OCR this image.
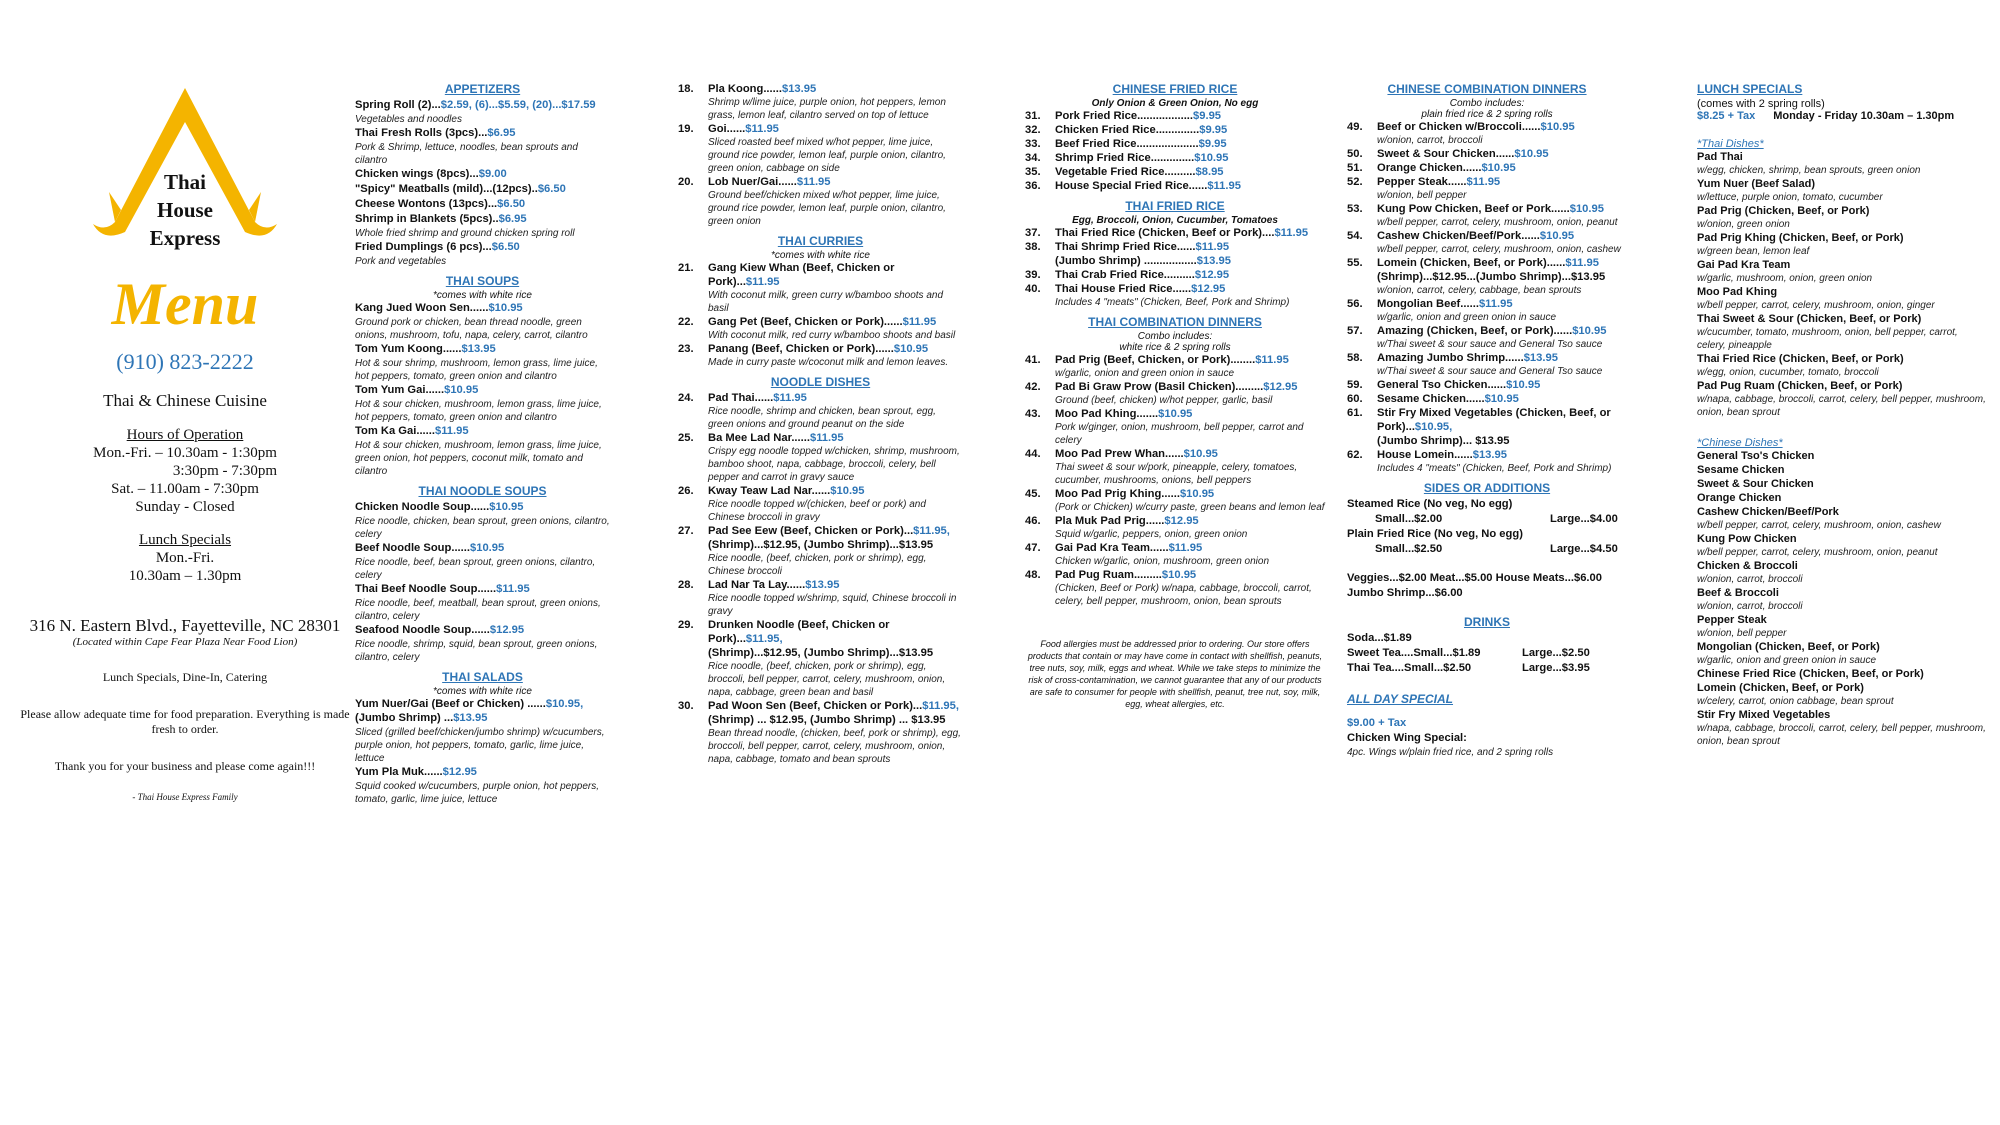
Thai
House
Express
Menu
(910) 823-2222
Thai & Chinese Cuisine
Hours of Operation
Mon.-Fri. – 10.30am - 1:30pm
3:30pm - 7:30pm
Sat. – 11.00am - 7:30pm
Sunday - Closed
Lunch Specials
Mon.-Fri.
10.30am – 1.30pm
316 N. Eastern Blvd., Fayetteville, NC 28301
(Located within Cape Fear Plaza Near Food Lion)
Lunch Specials, Dine-In, Catering
Please allow adequate time for food preparation. Everything is made fresh to order.
Thank you for your business and please come again!!!
- Thai House Express Family
APPETIZERS
Spring Roll (2)...$2.59, (6)...$5.59, (20)...$17.59
Vegetables and noodles
Thai Fresh Rolls (3pcs)...$6.95
Pork & Shrimp, lettuce, noodles, bean sprouts and cilantro
Chicken wings (8pcs)...$9.00
"Spicy" Meatballs (mild)...(12pcs)..$6.50
Cheese Wontons (13pcs)...$6.50
Shrimp in Blankets (5pcs)..$6.95
Whole fried shrimp and ground chicken spring roll
Fried Dumplings (6 pcs)...$6.50
Pork and vegetables
THAI SOUPS
*comes with white rice
Kang Jued Woon Sen......$10.95
Ground pork or chicken, bean thread noodle, green onions, mushroom, tofu, napa, celery, carrot, cilantro
Tom Yum Koong......$13.95
Hot & sour shrimp, mushroom, lemon grass, lime juice, hot peppers, tomato, green onion and cilantro
Tom Yum Gai......$10.95
Hot & sour chicken, mushroom, lemon grass, lime juice, hot peppers, tomato, green onion and cilantro
Tom Ka Gai......$11.95
Hot & sour chicken, mushroom, lemon grass, lime juice, green onion, hot peppers, coconut milk, tomato and cilantro
THAI NOODLE SOUPS
Chicken Noodle Soup......$10.95
Rice noodle, chicken, bean sprout, green onions, cilantro, celery
Beef Noodle Soup......$10.95
Rice noodle, beef, bean sprout, green onions, cilantro, celery
Thai Beef Noodle Soup......$11.95
Rice noodle, beef, meatball, bean sprout, green onions, cilantro, celery
Seafood Noodle Soup......$12.95
Rice noodle, shrimp, squid, bean sprout, green onions, cilantro, celery
THAI SALADS
*comes with white rice
Yum Nuer/Gai (Beef or Chicken) ......$10.95,
(Jumbo Shrimp) ...$13.95
Sliced (grilled beef/chicken/jumbo shrimp) w/cucumbers, purple onion, hot peppers, tomato, garlic, lime juice, lettuce
Yum Pla Muk......$12.95
Squid cooked w/cucumbers, purple onion, hot peppers, tomato, garlic, lime juice, lettuce
18.	Pla Koong......$13.95
Shrimp w/lime juice, purple onion, hot peppers, lemon grass, lemon leaf, cilantro served on top of lettuce
19.	Goi......$11.95
Sliced roasted beef mixed w/hot pepper, lime juice, ground rice powder, lemon leaf, purple onion, cilantro, green onion, cabbage on side
20.	Lob Nuer/Gai......$11.95
Ground beef/chicken mixed w/hot pepper, lime juice, ground rice powder, lemon leaf, purple onion, cilantro, green onion
THAI CURRIES
*comes with white rice
21.	Gang Kiew Whan (Beef, Chicken or Pork)...$11.95
With coconut milk, green curry w/bamboo shoots and basil
22.	Gang Pet (Beef, Chicken or Pork)......$11.95
With coconut milk, red curry w/bamboo shoots and basil
23.	Panang (Beef, Chicken or Pork)......$10.95
Made in curry paste w/coconut milk and lemon leaves.
NOODLE DISHES
24.	Pad Thai......$11.95
Rice noodle, shrimp and chicken, bean sprout, egg, green onions and ground peanut on the side
25.	Ba Mee Lad Nar......$11.95
Crispy egg noodle topped w/chicken, shrimp, mushroom, bamboo shoot, napa, cabbage, broccoli, celery, bell pepper and carrot in gravy sauce
26.	Kway Teaw Lad Nar......$10.95
Rice noodle topped w/(chicken, beef or pork) and Chinese broccoli in gravy
27.	Pad See Eew (Beef, Chicken or Pork)...$11.95,
(Shrimp)...$12.95, (Jumbo Shrimp)...$13.95
Rice noodle, (beef, chicken, pork or shrimp), egg, Chinese broccoli
28.	Lad Nar Ta Lay......$13.95
Rice noodle topped w/shrimp, squid, Chinese broccoli in gravy
29.	Drunken Noodle (Beef, Chicken or Pork)...$11.95,
(Shrimp)...$12.95, (Jumbo Shrimp)...$13.95
Rice noodle, (beef, chicken, pork or shrimp), egg, broccoli, bell pepper, carrot, celery, mushroom, onion, napa, cabbage, green bean and basil
30.	Pad Woon Sen (Beef, Chicken or Pork)...$11.95,
(Shrimp) ... $12.95, (Jumbo Shrimp) ... $13.95
Bean thread noodle, (chicken, beef, pork or shrimp), egg, broccoli, bell pepper, carrot, celery, mushroom, onion, napa, cabbage, tomato and bean sprouts
CHINESE FRIED RICE
Only Onion & Green Onion, No egg
31.	Pork Fried Rice..................$9.95
32.	Chicken Fried Rice..............$9.95
33.	Beef Fried Rice....................$9.95
34.	Shrimp Fried Rice..............$10.95
35.	Vegetable Fried Rice..........$8.95
36.	House Special Fried Rice......$11.95
THAI FRIED RICE
Egg, Broccoli, Onion, Cucumber, Tomatoes
37.	Thai Fried Rice (Chicken, Beef or Pork)....$11.95
38.	Thai Shrimp Fried Rice......$11.95
(Jumbo Shrimp) .................$13.95
39.	Thai Crab Fried Rice..........$12.95
40.	Thai House Fried Rice......$12.95
Includes 4 "meats" (Chicken, Beef, Pork and Shrimp)
THAI COMBINATION DINNERS
Combo includes:
white rice & 2 spring rolls
41.	Pad Prig (Beef, Chicken, or Pork)........$11.95
w/garlic, onion and green onion in sauce
42.	Pad Bi Graw Prow (Basil Chicken).........$12.95
Ground (beef, chicken) w/hot pepper, garlic, basil
43.	Moo Pad Khing.......$10.95
Pork w/ginger, onion, mushroom, bell pepper, carrot and celery
44.	Moo Pad Prew Whan......$10.95
Thai sweet & sour w/pork, pineapple, celery, tomatoes, cucumber, mushrooms, onions, bell peppers
45.	Moo Pad Prig Khing......$10.95
(Pork or Chicken) w/curry paste, green beans and lemon leaf
46.	Pla Muk Pad Prig......$12.95
Squid w/garlic, peppers, onion, green onion
47.	Gai Pad Kra Team......$11.95
Chicken w/garlic, onion, mushroom, green onion
48.	Pad Pug Ruam.........$10.95
(Chicken, Beef or Pork) w/napa, cabbage, broccoli, carrot, celery, bell pepper, mushroom, onion, bean sprouts
Food allergies must be addressed prior to ordering. Our store offers products that contain or may have come in contact with shellfish, peanuts, tree nuts, soy, milk, eggs and wheat. While we take steps to minimize the risk of cross-contamination, we cannot guarantee that any of our products are safe to consumer for people with shellfish, peanut, tree nut, soy, milk, egg, wheat allergies, etc.
CHINESE COMBINATION DINNERS
Combo includes:
plain fried rice & 2 spring rolls
49.	Beef or Chicken w/Broccoli......$10.95
w/onion, carrot, broccoli
50.	Sweet & Sour Chicken......$10.95
51.	Orange Chicken......$10.95
52.	Pepper Steak......$11.95
w/onion, bell pepper
53.	Kung Pow Chicken, Beef or Pork......$10.95
w/bell pepper, carrot, celery, mushroom, onion, peanut
54.	Cashew Chicken/Beef/Pork......$10.95
w/bell pepper, carrot, celery, mushroom, onion, cashew
55.	Lomein (Chicken, Beef, or Pork)......$11.95
(Shrimp)...$12.95...(Jumbo Shrimp)...$13.95
w/onion, carrot, celery, cabbage, bean sprouts
56.	Mongolian Beef......$11.95
w/garlic, onion and green onion in sauce
57.	Amazing (Chicken, Beef, or Pork)......$10.95
w/Thai sweet & sour sauce and General Tso sauce
58.	Amazing Jumbo Shrimp......$13.95
w/Thai sweet & sour sauce and General Tso sauce
59.	General Tso Chicken......$10.95
60.	Sesame Chicken......$10.95
61.	Stir Fry Mixed Vegetables (Chicken, Beef, or Pork)...$10.95,
(Jumbo Shrimp)... $13.95
62.	House Lomein......$13.95
Includes 4 "meats" (Chicken, Beef, Pork and Shrimp)
SIDES OR ADDITIONS
Steamed Rice (No veg, No egg)
Small...$2.00	Large...$4.00
Plain Fried Rice (No veg, No egg)
Small...$2.50	Large...$4.50
Veggies...$2.00 Meat...$5.00 House Meats...$6.00
Jumbo Shrimp...$6.00
DRINKS
Soda...$1.89
Sweet Tea....Small...$1.89	Large...$2.50
Thai Tea....Small...$2.50	Large...$3.95
ALL DAY SPECIAL
$9.00 + Tax
Chicken Wing Special:
4pc. Wings w/plain fried rice, and 2 spring rolls
LUNCH SPECIALS
(comes with 2 spring rolls)
$8.25 + Tax Monday - Friday 10.30am – 1.30pm
*Thai Dishes*
Pad Thai
w/egg, chicken, shrimp, bean sprouts, green onion
Yum Nuer (Beef Salad)
w/lettuce, purple onion, tomato, cucumber
Pad Prig (Chicken, Beef, or Pork)
w/onion, green onion
Pad Prig Khing (Chicken, Beef, or Pork)
w/green bean, lemon leaf
Gai Pad Kra Team
w/garlic, mushroom, onion, green onion
Moo Pad Khing
w/bell pepper, carrot, celery, mushroom, onion, ginger
Thai Sweet & Sour (Chicken, Beef, or Pork)
w/cucumber, tomato, mushroom, onion, bell pepper, carrot, celery, pineapple
Thai Fried Rice (Chicken, Beef, or Pork)
w/egg, onion, cucumber, tomato, broccoli
Pad Pug Ruam (Chicken, Beef, or Pork)
w/napa, cabbage, broccoli, carrot, celery, bell pepper, mushroom, onion, bean sprout
*Chinese Dishes*
General Tso's Chicken
Sesame Chicken
Sweet & Sour Chicken
Orange Chicken
Cashew Chicken/Beef/Pork
w/bell pepper, carrot, celery, mushroom, onion, cashew
Kung Pow Chicken
w/bell pepper, carrot, celery, mushroom, onion, peanut
Chicken & Broccoli
w/onion, carrot, broccoli
Beef & Broccoli
w/onion, carrot, broccoli
Pepper Steak
w/onion, bell pepper
Mongolian (Chicken, Beef, or Pork)
w/garlic, onion and green onion in sauce
Chinese Fried Rice (Chicken, Beef, or Pork)
Lomein (Chicken, Beef, or Pork)
w/celery, carrot, onion cabbage, bean sprout
Stir Fry Mixed Vegetables
w/napa, cabbage, broccoli, carrot, celery, bell pepper, mushroom, onion, bean sprout
